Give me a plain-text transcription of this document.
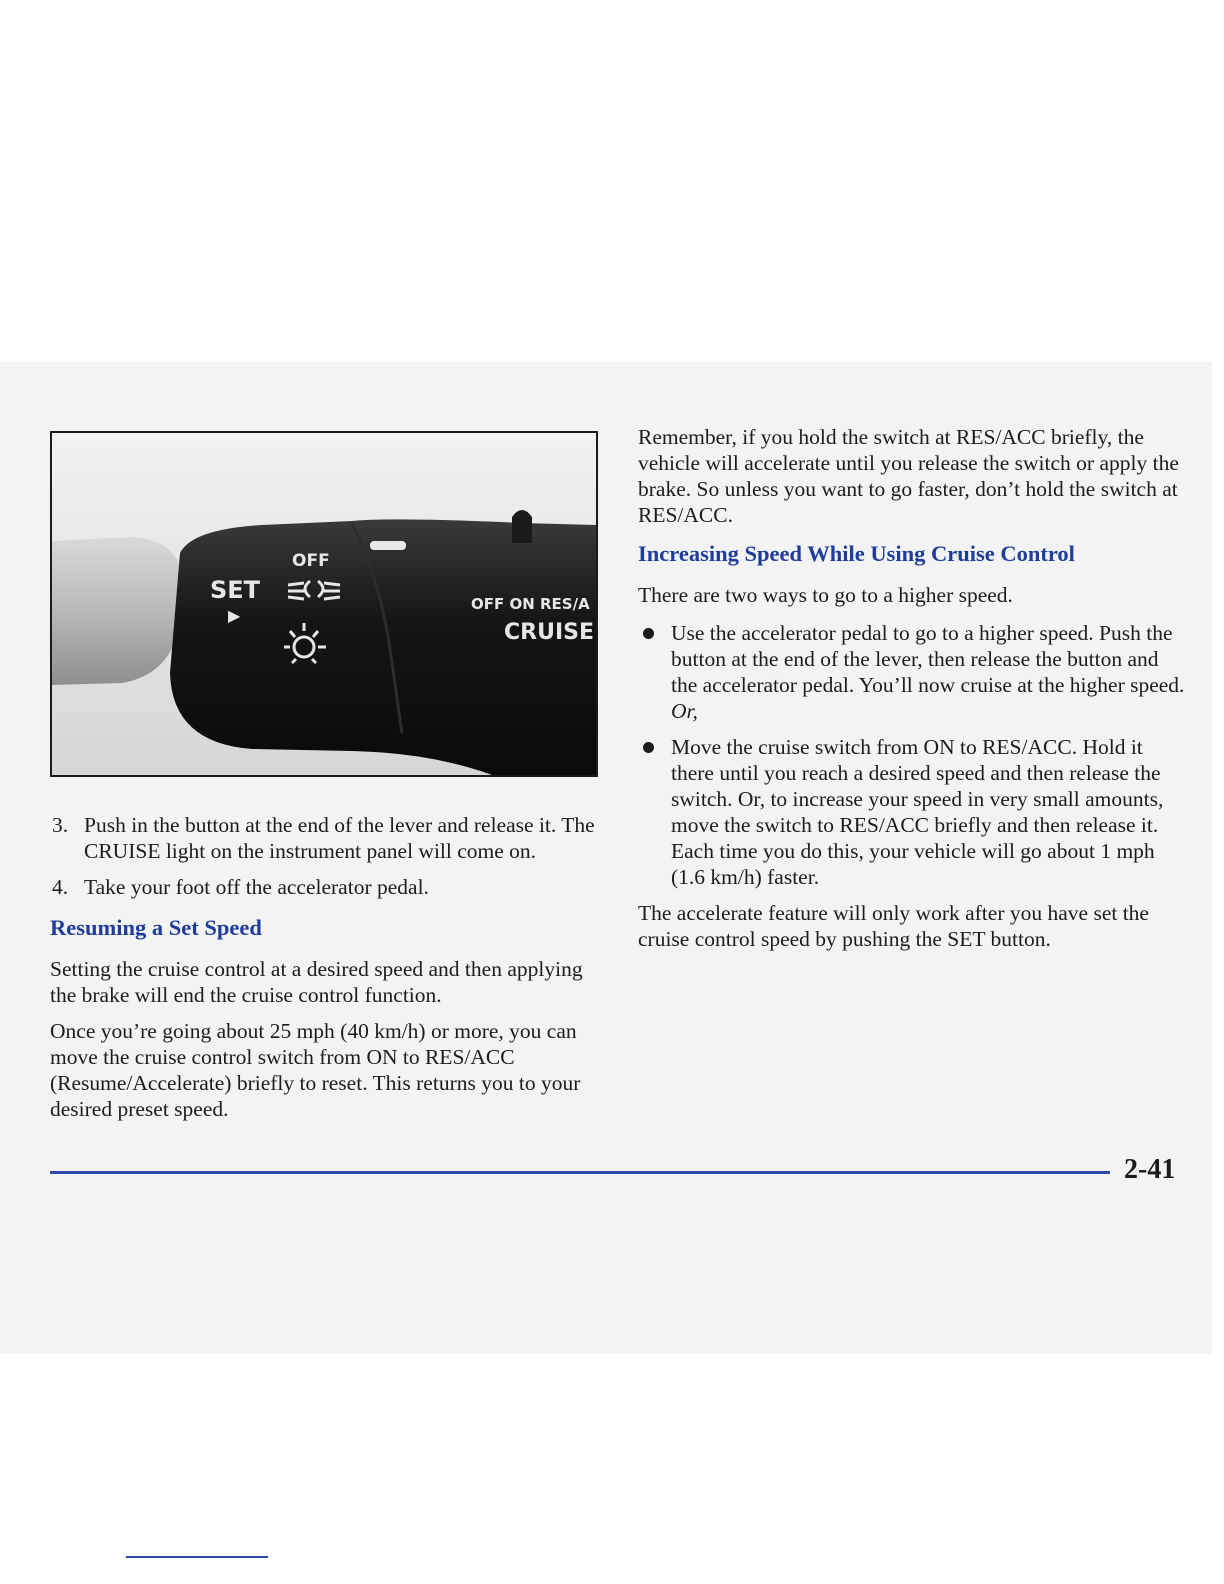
OFF
SET
▶
OFF ON RES/A
CRUISE

3. Push in the button at the end of the lever and release it. The CRUISE light on the instrument panel will come on.

4. Take your foot off the accelerator pedal.

Resuming a Set Speed

Setting the cruise control at a desired speed and then applying the brake will end the cruise control function.

Once you’re going about 25 mph (40 km/h) or more, you can move the cruise control switch from ON to RES/ACC (Resume/Accelerate) briefly to reset. This returns you to your desired preset speed.

Remember, if you hold the switch at RES/ACC briefly, the vehicle will accelerate until you release the switch or apply the brake. So unless you want to go faster, don’t hold the switch at RES/ACC.

Increasing Speed While Using Cruise Control

There are two ways to go to a higher speed.

Use the accelerator pedal to go to a higher speed. Push the button at the end of the lever, then release the button and the accelerator pedal. You’ll now cruise at the higher speed. Or,

Move the cruise switch from ON to RES/ACC. Hold it there until you reach a desired speed and then release the switch. Or, to increase your speed in very small amounts, move the switch to RES/ACC briefly and then release it. Each time you do this, your vehicle will go about 1 mph (1.6 km/h) faster.

The accelerate feature will only work after you have set the cruise control speed by pushing the SET button.

2-41
